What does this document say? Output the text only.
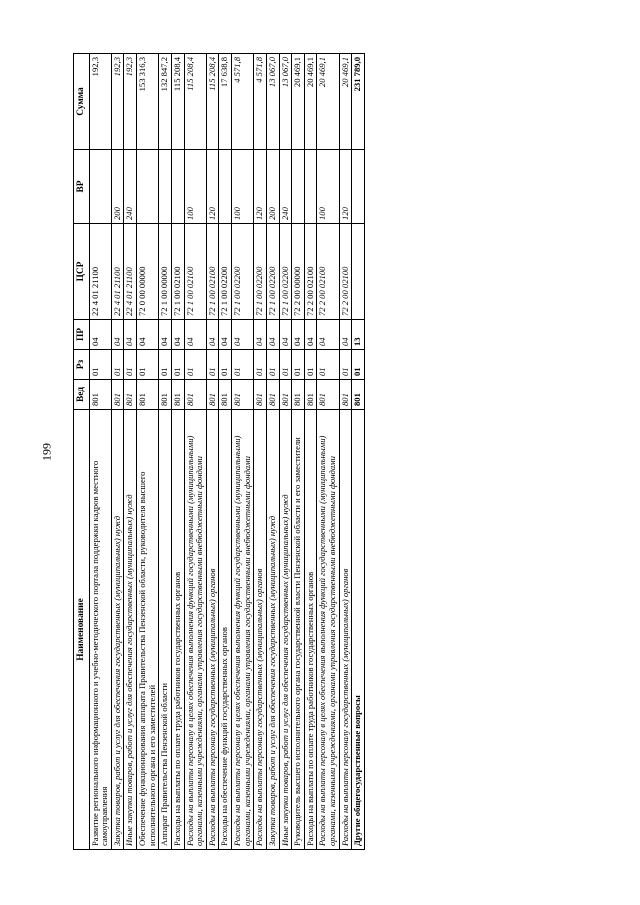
199
Наименование	Вед	Рз	ПР	ЦСР	ВР	Сумма
Развитие регионального информационного и учебно-методического портала поддержки кадров местного самоуправления	801	01	04	22 4 01 21100		192,3
Закупка товаров, работ и услуг для обеспечения государственных (муниципальных) нужд	801	01	04	22 4 01 21100	200	192,3
Иные закупки товаров, работ и услуг для обеспечения государственных (муниципальных) нужд	801	01	04	22 4 01 21100	240	192,3
Обеспечение функционирования аппарата Правительства Пензенской области, руководителя высшего исполнительного органа и его заместителей	801	01	04	72 0 00 00000		153 316,3
Аппарат Правительства Пензенской области	801	01	04	72 1 00 00000		132 847,2
Расходы на выплаты по оплате труда работников государственных органов	801	01	04	72 1 00 02100		115 208,4
Расходы на выплаты персоналу в целях обеспечения выполнения функций государственными (муниципальными) органами, казенными учреждениями, органами управления государственными внебюджетными фондами	801	01	04	72 1 00 02100	100	115 208,4
Расходы на выплаты персоналу государственных (муниципальных) органов	801	01	04	72 1 00 02100	120	115 208,4
Расходы на обеспечение функций государственных органов	801	01	04	72 1 00 02200		17 638,8
Расходы на выплаты персоналу в целях обеспечения выполнения функций государственными (муниципальными) органами, казенными учреждениями, органами управления государственными внебюджетными фондами	801	01	04	72 1 00 02200	100	4 571,8
Расходы на выплаты персоналу государственных (муниципальных) органов	801	01	04	72 1 00 02200	120	4 571,8
Закупка товаров, работ и услуг для обеспечения государственных (муниципальных) нужд	801	01	04	72 1 00 02200	200	13 067,0
Иные закупки товаров, работ и услуг для обеспечения государственных (муниципальных) нужд	801	01	04	72 1 00 02200	240	13 067,0
Руководитель высшего исполнительного органа государственной власти Пензенской области и его заместители	801	01	04	72 2 00 00000		20 469,1
Расходы на выплаты по оплате труда работников государственных органов	801	01	04	72 2 00 02100		20 469,1
Расходы на выплаты персоналу в целях обеспечения выполнения функций государственными (муниципальными) органами, казенными учреждениями, органами управления государственными внебюджетными фондами	801	01	04	72 2 00 02100	100	20 469,1
Расходы на выплаты персоналу государственных (муниципальных) органов	801	01	04	72 2 00 02100	120	20 469,1
Другие общегосударственные вопросы	801	01	13			231 789,0
